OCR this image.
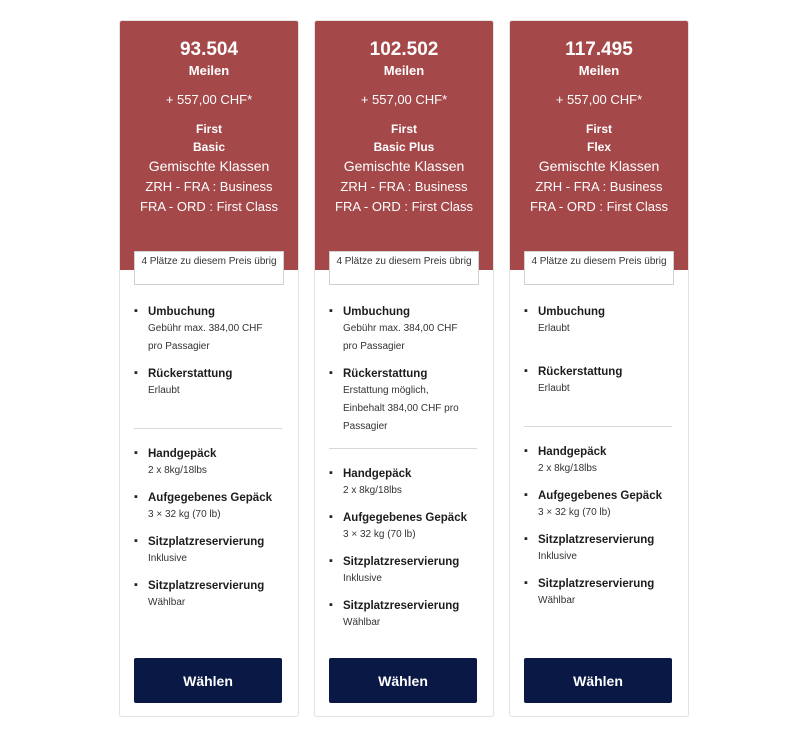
93.504
Meilen
+ 557,00 CHF*
First
Basic
Gemischte Klassen
ZRH - FRA : Business
FRA - ORD : First Class
4 Plätze zu diesem Preis übrig
▪ Umbuchung
Gebühr max. 384,00 CHF
pro Passagier
▪ Rückerstattung
Erlaubt
▪ Handgepäck
2 x 8kg/18lbs
▪ Aufgegebenes Gepäck
3 × 32 kg (70 lb)
▪ Sitzplatzreservierung
Inklusive
▪ Sitzplatzreservierung
Wählbar
Wählen
102.502
Meilen
+ 557,00 CHF*
First
Basic Plus
Gemischte Klassen
ZRH - FRA : Business
FRA - ORD : First Class
4 Plätze zu diesem Preis übrig
▪ Umbuchung
Gebühr max. 384,00 CHF
pro Passagier
▪ Rückerstattung
Erstattung möglich,
Einbehalt 384,00 CHF pro
Passagier
▪ Handgepäck
2 x 8kg/18lbs
▪ Aufgegebenes Gepäck
3 × 32 kg (70 lb)
▪ Sitzplatzreservierung
Inklusive
▪ Sitzplatzreservierung
Wählbar
Wählen
117.495
Meilen
+ 557,00 CHF*
First
Flex
Gemischte Klassen
ZRH - FRA : Business
FRA - ORD : First Class
4 Plätze zu diesem Preis übrig
▪ Umbuchung
Erlaubt
▪ Rückerstattung
Erlaubt
▪ Handgepäck
2 x 8kg/18lbs
▪ Aufgegebenes Gepäck
3 × 32 kg (70 lb)
▪ Sitzplatzreservierung
Inklusive
▪ Sitzplatzreservierung
Wählbar
Wählen
